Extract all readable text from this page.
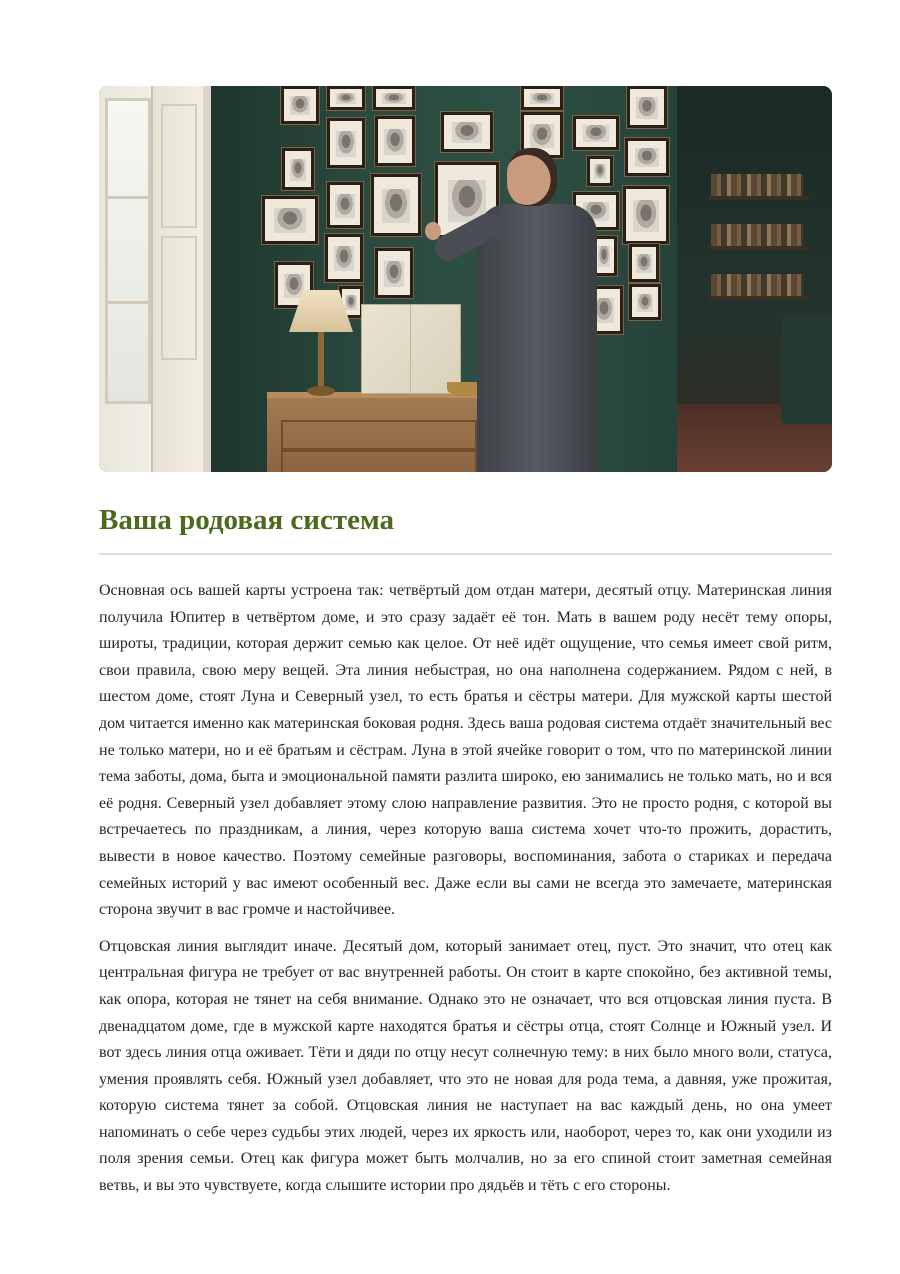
Ваша родовая система

Основная ось вашей карты устроена так: четвёртый дом отдан матери, десятый отцу. Материнская линия получила Юпитер в четвёртом доме, и это сразу задаёт её тон. Мать в вашем роду несёт тему опоры, широты, традиции, которая держит семью как целое. От неё идёт ощущение, что семья имеет свой ритм, свои правила, свою меру вещей. Эта линия небыстрая, но она наполнена содержанием. Рядом с ней, в шестом доме, стоят Луна и Северный узел, то есть братья и сёстры матери. Для мужской карты шестой дом читается именно как материнская боковая родня. Здесь ваша родовая система отдаёт значительный вес не только матери, но и её братьям и сёстрам. Луна в этой ячейке говорит о том, что по материнской линии тема заботы, дома, быта и эмоциональной памяти разлита широко, ею занимались не только мать, но и вся её родня. Северный узел добавляет этому слою направление развития. Это не просто родня, с которой вы встречаетесь по праздникам, а линия, через которую ваша система хочет что-то прожить, дорастить, вывести в новое качество. Поэтому семейные разговоры, воспоминания, забота о стариках и передача семейных историй у вас имеют особенный вес. Даже если вы сами не всегда это замечаете, материнская сторона звучит в вас громче и настойчивее.

Отцовская линия выглядит иначе. Десятый дом, который занимает отец, пуст. Это значит, что отец как центральная фигура не требует от вас внутренней работы. Он стоит в карте спокойно, без активной темы, как опора, которая не тянет на себя внимание. Однако это не означает, что вся отцовская линия пуста. В двенадцатом доме, где в мужской карте находятся братья и сёстры отца, стоят Солнце и Южный узел. И вот здесь линия отца оживает. Тёти и дяди по отцу несут солнечную тему: в них было много воли, статуса, умения проявлять себя. Южный узел добавляет, что это не новая для рода тема, а давняя, уже прожитая, которую система тянет за собой. Отцовская линия не наступает на вас каждый день, но она умеет напоминать о себе через судьбы этих людей, через их яркость или, наоборот, через то, как они уходили из поля зрения семьи. Отец как фигура может быть молчалив, но за его спиной стоит заметная семейная ветвь, и вы это чувствуете, когда слышите истории про дядьёв и тёть с его стороны.
